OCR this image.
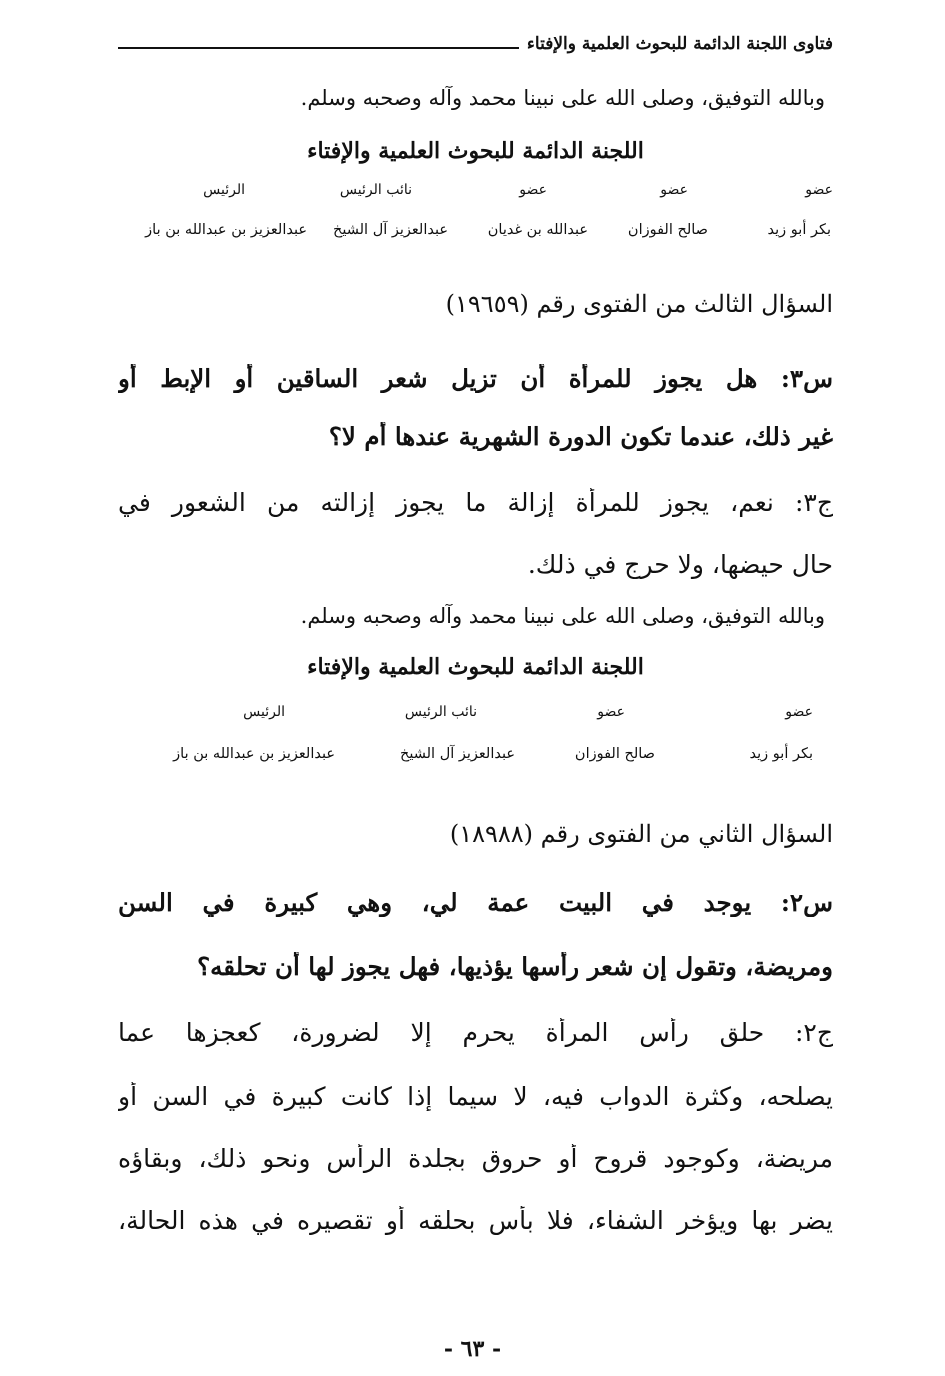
فتاوى اللجنة الدائمة للبحوث العلمية والإفتاء
وبالله التوفيق، وصلى الله على نبينا محمد وآله وصحبه وسلم.
اللجنة الدائمة للبحوث العلمية والإفتاء
عضو
عضو
عضو
نائب الرئيس
الرئيس
بكر أبو زيد
صالح الفوزان
عبدالله بن غديان
عبدالعزيز آل الشيخ
عبدالعزيز بن عبدالله بن باز
السؤال الثالث من الفتوى رقم (١٩٦٥٩)
س٣: هل يجوز للمرأة أن تزيل شعر الساقين أو الإبط أو
غير ذلك، عندما تكون الدورة الشهرية عندها أم لا؟
ج٣: نعم، يجوز للمرأة إزالة ما يجوز إزالته من الشعور في
حال حيضها، ولا حرج في ذلك.
وبالله التوفيق، وصلى الله على نبينا محمد وآله وصحبه وسلم.
اللجنة الدائمة للبحوث العلمية والإفتاء
عضو
عضو
نائب الرئيس
الرئيس
بكر أبو زيد
صالح الفوزان
عبدالعزيز آل الشيخ
عبدالعزيز بن عبدالله بن باز
السؤال الثاني من الفتوى رقم (١٨٩٨٨)
س٢: يوجد في البيت عمة لي، وهي كبيرة في السن
ومريضة، وتقول إن شعر رأسها يؤذيها، فهل يجوز لها أن تحلقه؟
ج٢: حلق رأس المرأة يحرم إلا لضرورة، كعجزها عما
يصلحه، وكثرة الدواب فيه، لا سيما إذا كانت كبيرة في السن أو
مريضة، وكوجود قروح أو حروق بجلدة الرأس ونحو ذلك، وبقاؤه
يضر بها ويؤخر الشفاء، فلا بأس بحلقه أو تقصيره في هذه الحالة،
- ٦٣ -
